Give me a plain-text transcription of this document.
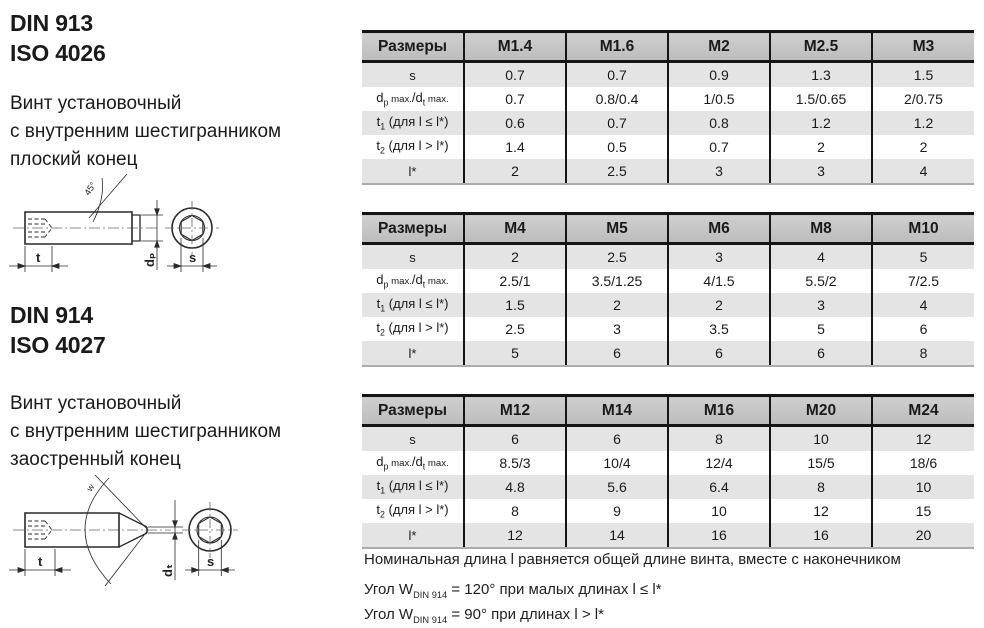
DIN 913
ISO 4026
Винт установочный
с внутренним шестигранником
плоский конец
45°
t	dₚ s
DIN 914
ISO 4027
Винт установочный
с внутренним шестигранником
заостренный конец
w
t
dₜ
s
Размеры	M1.4	M1.6	M2	M2.5	M3
s	0.7	0.7	0.9	1.3	1.5
$d_p$ $\max./d_t$ max.	0.7	0.8/0.4	1/0.5	1.5/0.65	2/0.75
$t_1$ (для l ≤ l*)	0.6	0.7	0.8	1.2	1.2
$t_2$ (для l > l*)	1.4	0.5	0.7	2	2
l*	2	2.5	3	3	4
Размеры	M4	M5	M6	M8	M10
s	2	2.5	3	4	5
$d_p$ $\max./d_t$ max.	2.5/1	3.5/1.25	4/1.5	5.5/2	7/2.5
$t_1$ (для l ≤ l*)	1.5	2	2	3	4
$t_2$ (для l > l*)	2.5	3	3.5	5	6
l*	5	6	6	6	8
Размеры	M12	M14	M16	M20	M24
s	6	6	8	10	12
$d_p$ $\max./d_t$ max.	8.5/3	10/4	12/4	15/5	18/6
$t_1$ (для l ≤ l*)	4.8	5.6	6.4	8	10
$t_2$ (для l > l*)	8	9	10	12	15
l*	12	14	16	16	20
Номинальная длина l равняется общей длине винта, вместе с наконечником
Угол $W_{DIN 914} = 120^\circ$ при малых длинах l ≤ l*
Угол $W_{DIN 914} = 90^\circ$ при длинах l > l*
